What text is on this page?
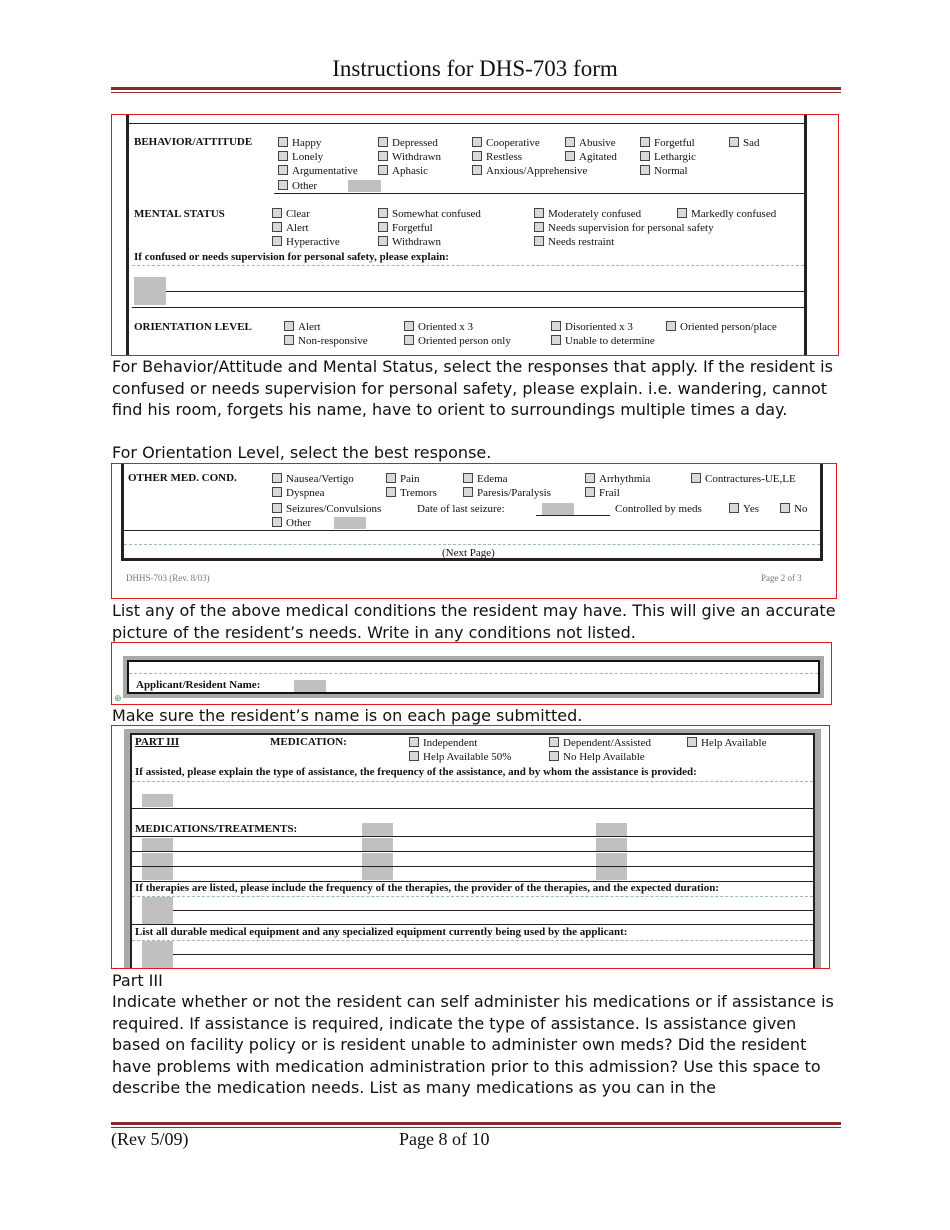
Instructions for DHS-703 form
BEHAVIOR/ATTITUDE	Happy	Depressed	Cooperative	Abusive	Forgetful	Sad
Lonely	Withdrawn	Restless	Agitated	Lethargic
Argumentative	Aphasic	Anxious/Apprehensive	Normal
Other
MENTAL STATUS	Clear	Somewhat confused	Moderately confused	Markedly confused
Alert	Forgetful	Needs supervision for personal safety
Hyperactive	Withdrawn	Needs restraint
If confused or needs supervision for personal safety, please explain:
ORIENTATION LEVEL	Alert	Oriented x 3	Disoriented x 3	Oriented person/place
Non-responsive	Oriented person only	Unable to determine
For Behavior/Attitude and Mental Status, select the responses that apply. If the resident is confused or needs supervision for personal safety, please explain. i.e. wandering, cannot find his room, forgets his name, have to orient to surroundings multiple times a day.
For Orientation Level, select the best response.
OTHER MED. COND.	Nausea/Vertigo	Pain	Edema	Arrhythmia	Contractures-UE,LE
Dyspnea	Tremors	Paresis/Paralysis	Frail
Seizures/Convulsions	Date of last seizure:	Controlled by meds	Yes	No
Other
(Next Page)
DHHS-703 (Rev. 8/03)	Page 2 of 3
List any of the above medical conditions the resident may have. This will give an accurate picture of the resident’s needs. Write in any conditions not listed.
Applicant/Resident Name:
⊕
Make sure the resident’s name is on each page submitted.
PART III	MEDICATION:	Independent	Dependent/Assisted	Help Available
Help Available 50%	No Help Available
If assisted, please explain the type of assistance, the frequency of the assistance, and by whom the assistance is provided:
MEDICATIONS/TREATMENTS:
If therapies are listed, please include the frequency of the therapies, the provider of the therapies, and the expected duration:
List all durable medical equipment and any specialized equipment currently being used by the applicant:
Part III
Indicate whether or not the resident can self administer his medications or if assistance is required. If assistance is required, indicate the type of assistance. Is assistance given based on facility policy or is resident unable to administer own meds? Did the resident have problems with medication administration prior to this admission? Use this space to describe the medication needs. List as many medications as you can in the
(Rev 5/09)	Page 8 of 10
